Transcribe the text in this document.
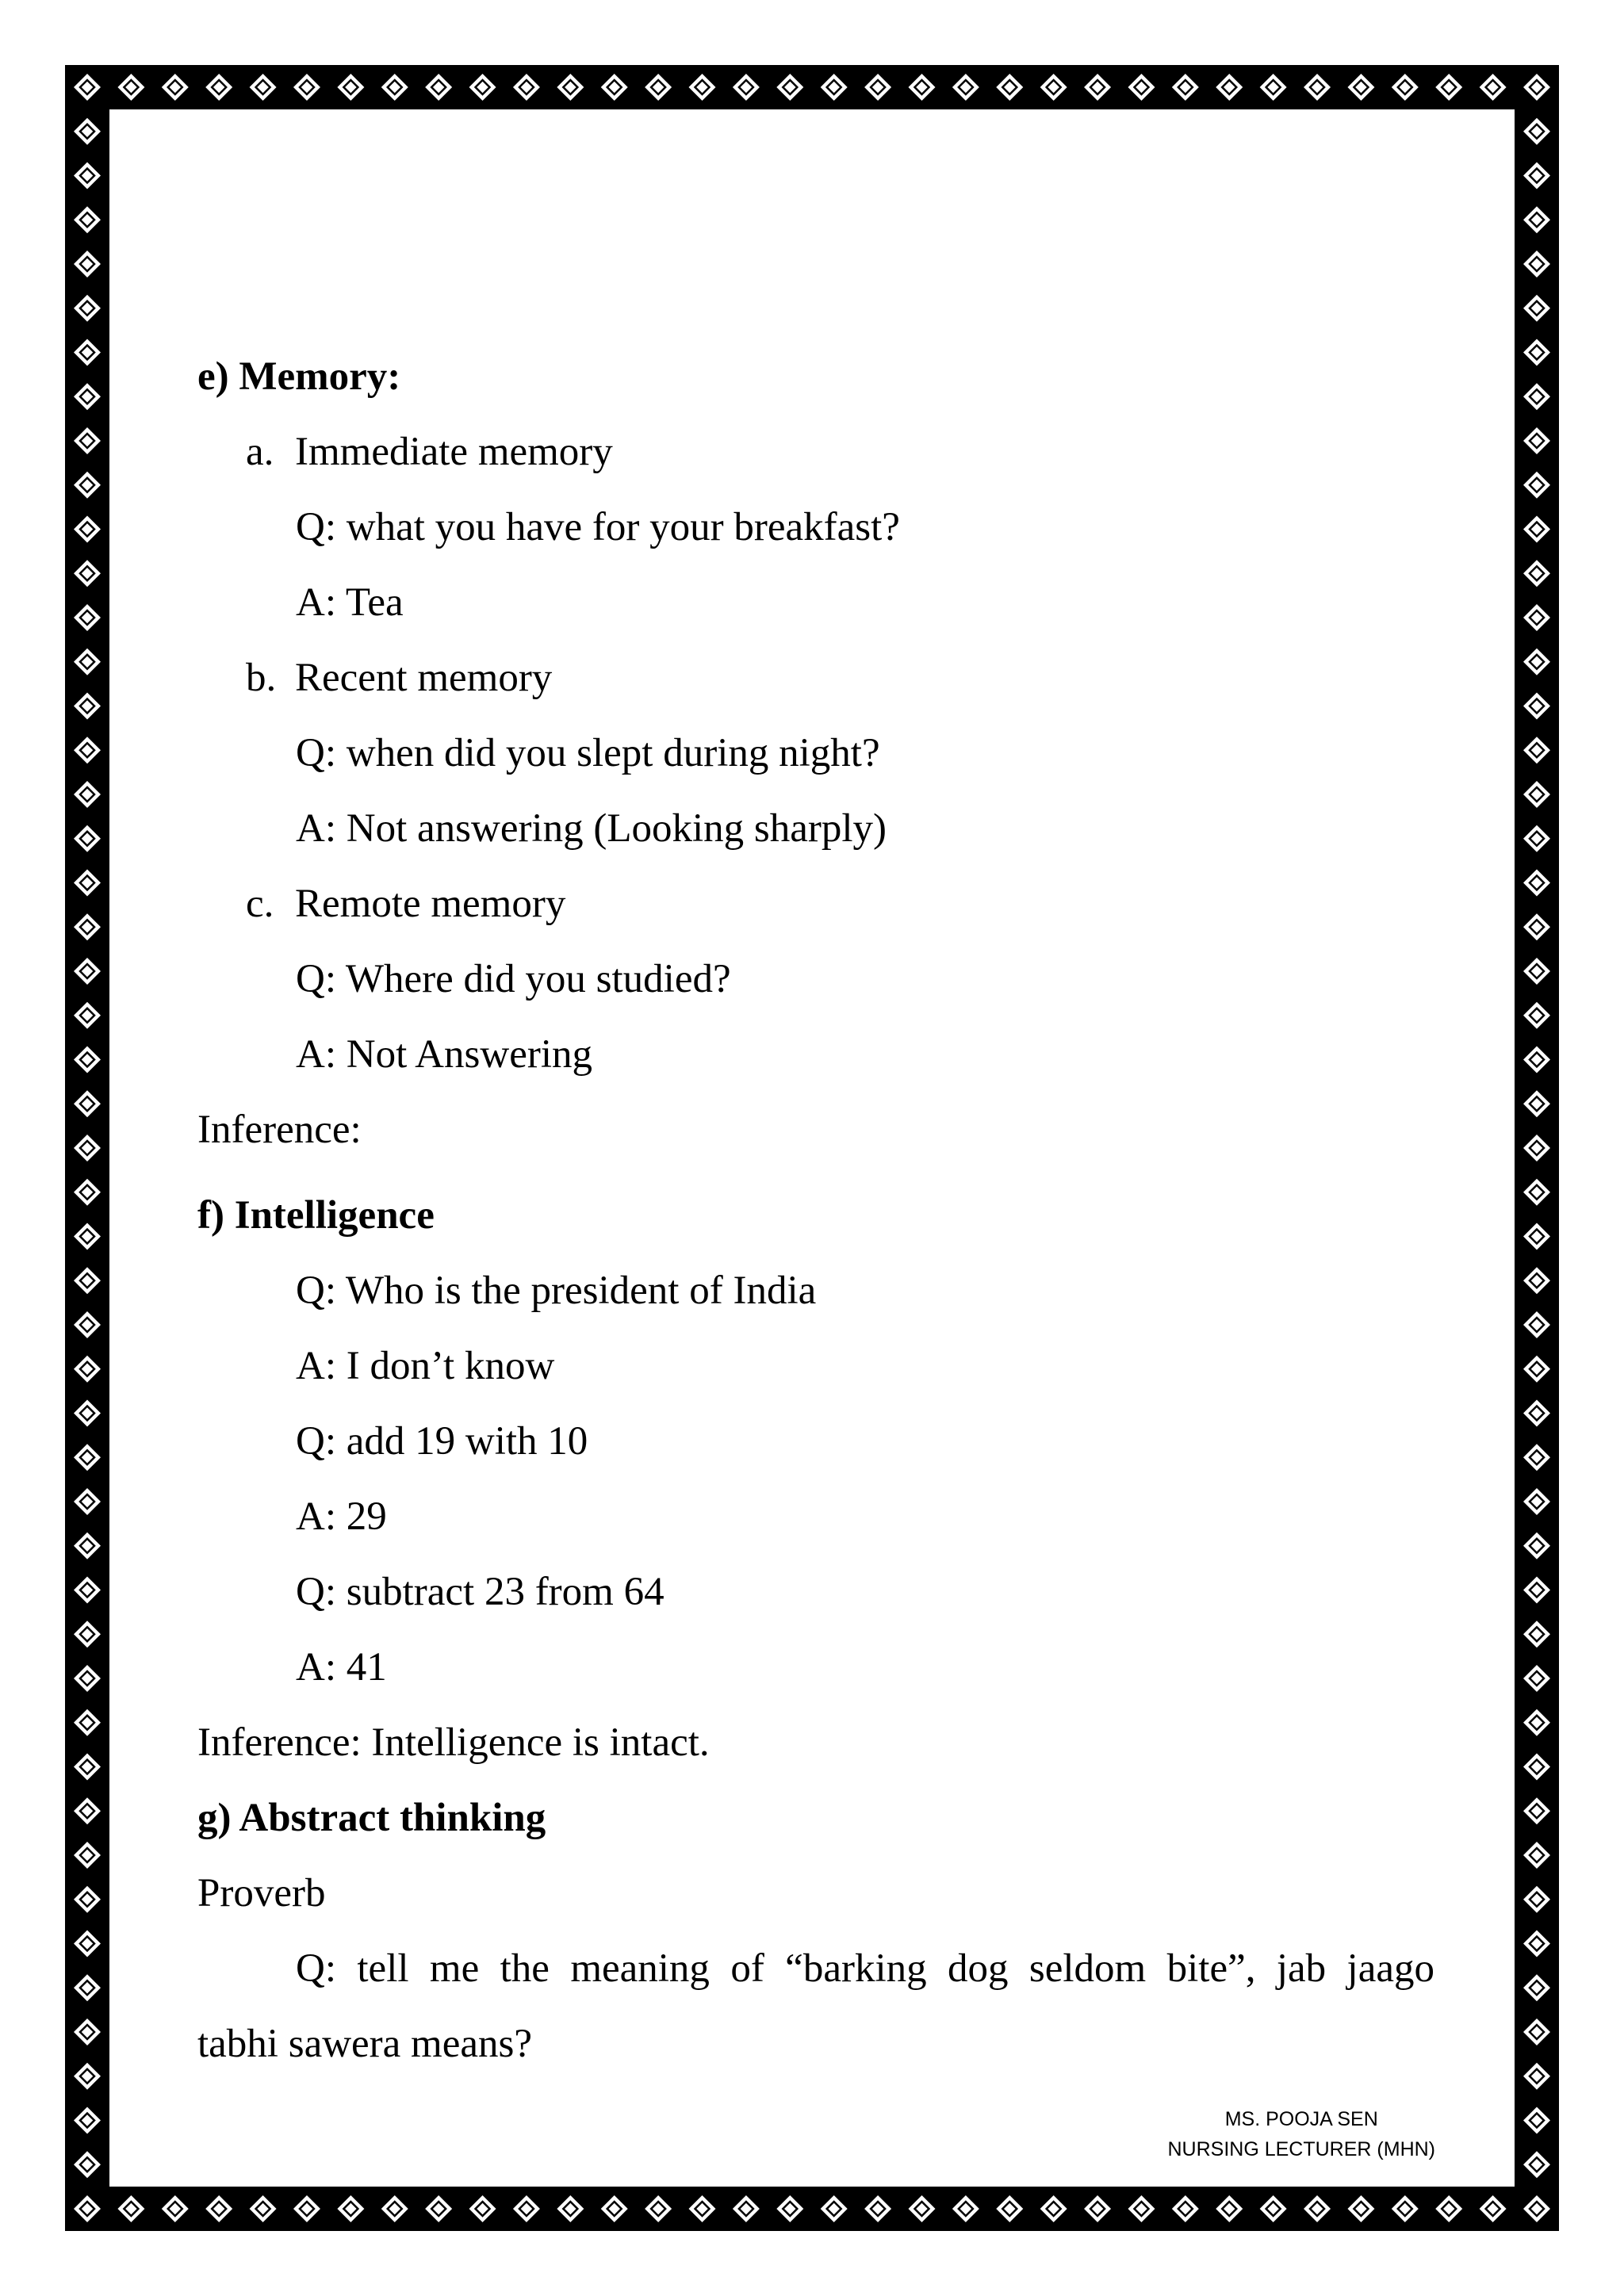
e) Memory:
a. Immediate memory
Q: what you have for your breakfast?
A: Tea
b. Recent memory
Q: when did you slept during night?
A: Not answering (Looking sharply)
c. Remote memory
Q: Where did you studied?
A: Not Answering
Inference:
f) Intelligence
Q: Who is the president of India
A: I don’t know
Q: add 19 with 10
A: 29
Q: subtract 23 from 64
A: 41
Inference: Intelligence is intact.
g) Abstract thinking
Proverb
Q: tell me the meaning of “barking dog seldom bite”, jab jaago
tabhi sawera means?
MS. POOJA SEN
NURSING LECTURER (MHN)
